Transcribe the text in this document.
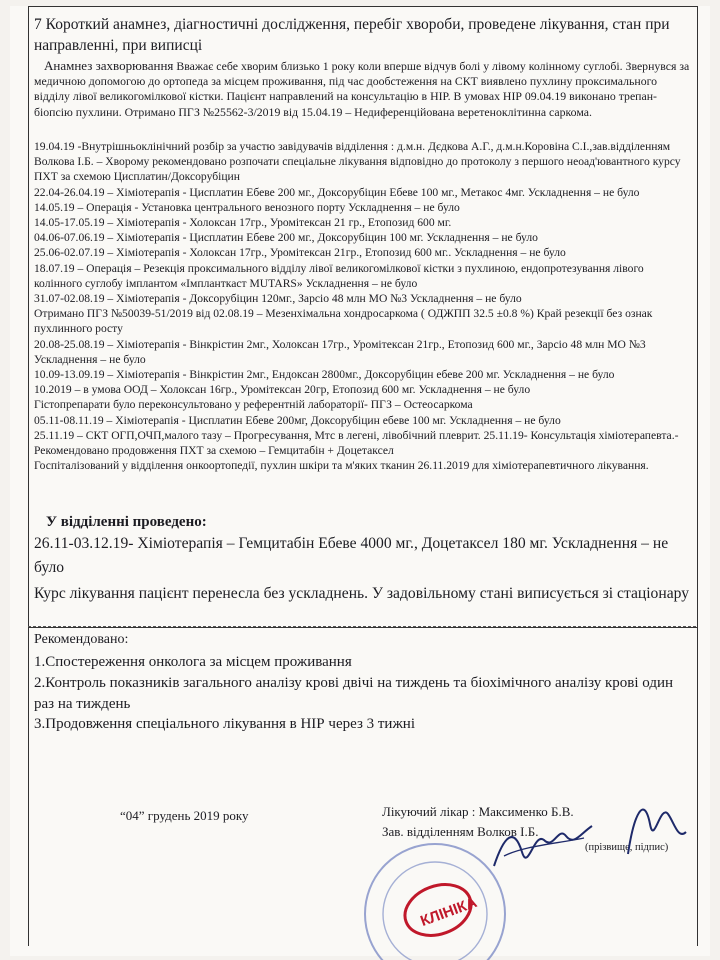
7 Короткий анамнез, діагностичні дослідження, перебіг хвороби, проведене лікування, стан при направленні, при виписці
Анамнез захворювання Вважає себе хворим близько 1 року коли вперше відчув болі у лівому колінному суглобі. Звернувся за медичною допомогою до ортопеда за місцем проживання, під час дообстеження на СКТ виявлено пухлину проксимального відділу лівої великогомілкової кістки. Пацієнт направлений на консультацію в НІР. В умовах НІР 09.04.19 виконано трепан-біопсію пухлини. Отримано ПГЗ №25562-3/2019 від 15.04.19 – Недиференційована веретеноклітинна саркома.
19.04.19 -Внутрішньоклінічний розбір за участю завідувачів відділення : д.м.н. Дєдкова А.Г., д.м.н.Коровіна С.І.,зав.відділенням Волкова І.Б. – Хворому рекомендовано розпочати спеціальне лікування відповідно до протоколу з першого неоад'ювантного курсу ПХТ за схемою Цисплатин/Доксорубіцин
22.04-26.04.19 – Хіміотерапія - Цисплатин Ебеве 200 мг., Доксорубіцин Ебеве 100 мг., Метакос 4мг. Ускладнення – не було
14.05.19 – Операція - Установка центрального венозного порту Ускладнення – не було
14.05-17.05.19 – Хіміотерапія - Холоксан 17гр., Уромітексан 21 гр., Етопозид 600 мг.
04.06-07.06.19 – Хіміотерапія - Цисплатин Ебеве 200 мг., Доксорубіцин 100 мг. Ускладнення – не було
25.06-02.07.19 – Хіміотерапія - Холоксан 17гр., Уромітексан 21гр., Етопозид 600 мг.. Ускладнення – не було
18.07.19 – Операція – Резекція проксимального відділу лівої великогомілкової кістки з пухлиною, ендопротезування лівого колінного суглобу імплантом «Імпланткаст MUTARS» Ускладнення – не було
31.07-02.08.19 – Хіміотерапія - Доксорубіцин 120мг., Зарсіо 48 млн МО №3 Ускладнення – не було
Отримано ПГЗ №50039-51/2019 від 02.08.19 – Мезенхімальна хондросаркома ( ОДЖПП 32.5 ±0.8 %) Край резекції без ознак пухлинного росту
20.08-25.08.19 – Хіміотерапія - Вінкрістин 2мг., Холоксан 17гр., Уромітексан 21гр., Етопозид 600 мг., Зарсіо 48 млн МО №3 Ускладнення – не було
10.09-13.09.19 – Хіміотерапія - Вінкрістин 2мг., Ендоксан 2800мг., Доксорубіцин ебеве 200 мг. Ускладнення – не було
10.2019 – в умова ООД – Холоксан 16гр., Уромітексан 20гр, Етопозид 600 мг. Ускладнення – не було
Гістопрепарати було переконсультовано у референтній лабораторії- ПГЗ – Остеосаркома
05.11-08.11.19 – Хіміотерапія - Цисплатин Ебеве 200мг, Доксорубіцин ебеве 100 мг. Ускладнення – не було
25.11.19 – СКТ ОГП,ОЧП,малого тазу – Прогресування, Мтс в легені, лівобічний плеврит. 25.11.19- Консультація хіміотерапевта.- Рекомендовано продовження ПХТ за схемою – Гемцитабін + Доцетаксел
Госпіталізований у відділення онкоортопедії, пухлин шкіри та м'яких тканин 26.11.2019 для хіміотерапевтичного лікування.
У відділенні проведено:
26.11-03.12.19- Хіміотерапія – Гемцитабін Ебеве 4000 мг., Доцетаксел 180 мг. Ускладнення – не було
Курс лікування пацієнт перенесла без ускладнень. У задовільному стані виписується зі стаціонару
Рекомендовано:
1.Спостереження онколога за місцем проживання
2.Контроль показників загального аналізу крові двічі на тиждень та біохімічного аналізу крові один раз на тиждень
3.Продовження спеціального лікування в НІР через 3 тижні
“04” грудень 2019 року	Лікуючий лікар : Максименко Б.В.
Зав. відділенням Волков І.Б.
(прізвище, підпис)
КЛІНІКА
